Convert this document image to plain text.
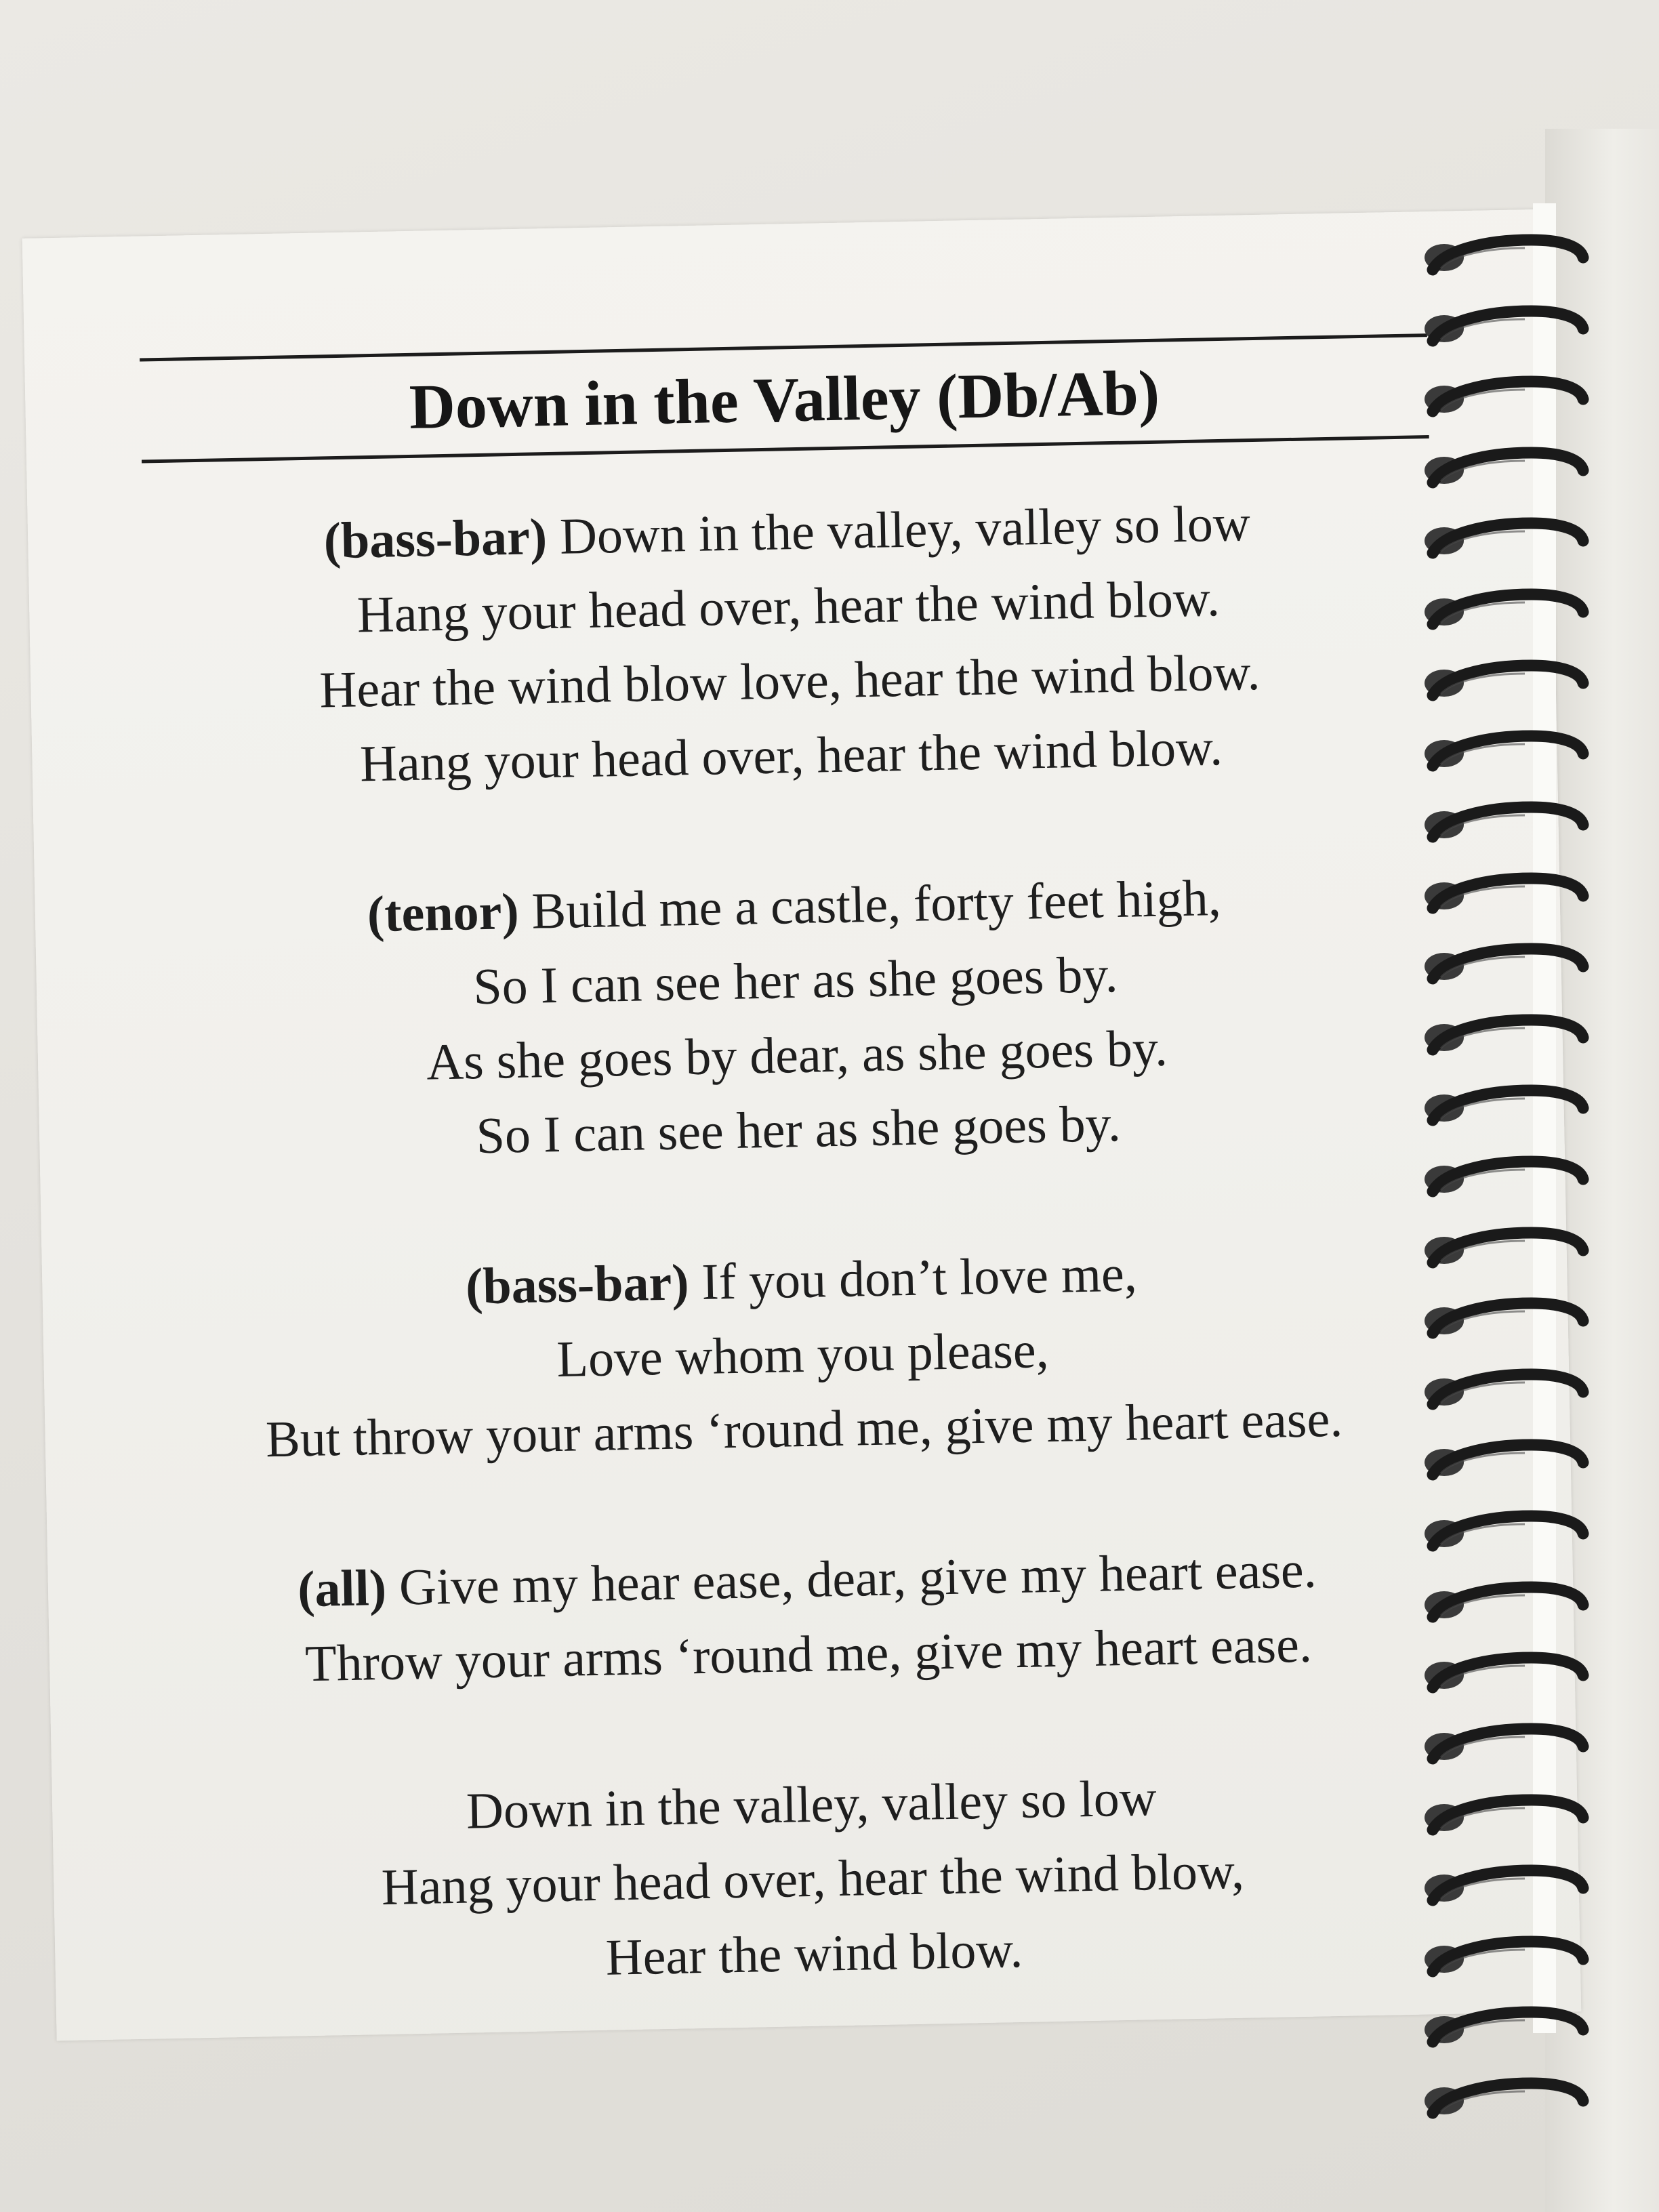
Down in the Valley (Db/Ab)
(bass-bar) Down in the valley, valley so low
Hang your head over, hear the wind blow.
Hear the wind blow love, hear the wind blow.
Hang your head over, hear the wind blow.
(tenor) Build me a castle, forty feet high,
So I can see her as she goes by.
As she goes by dear, as she goes by.
So I can see her as she goes by.
(bass-bar) If you don’t love me,
Love whom you please,
But throw your arms ‘round me, give my heart ease.
(all) Give my hear ease, dear, give my heart ease.
Throw your arms ‘round me, give my heart ease.
Down in the valley, valley so low
Hang your head over, hear the wind blow,
Hear the wind blow.
